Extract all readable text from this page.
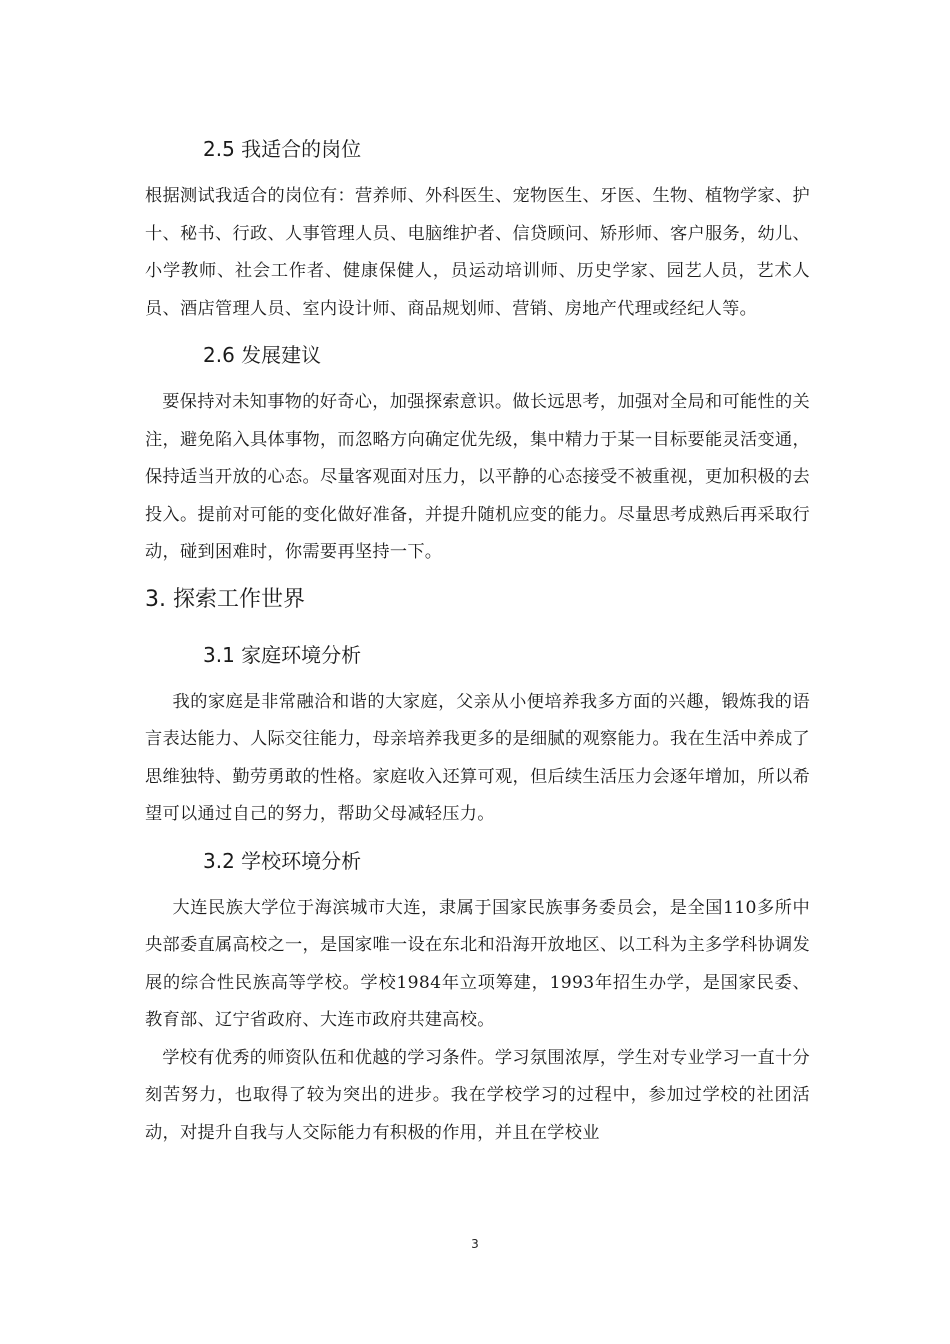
2.5 我适合的岗位

根据测试我适合的岗位有：营养师、外科医生、宠物医生、牙医、生物、植物学家、护十、秘书、行政、人事管理人员、电脑维护者、信贷顾问、矫形师、客户服务，幼儿、小学教师、社会工作者、健康保健人，员运动培训师、历史学家、园艺人员，艺术人员、酒店管理人员、室内设计师、商品规划师、营销、房地产代理或经纪人等。

2.6 发展建议

要保持对未知事物的好奇心，加强探索意识。做长远思考，加强对全局和可能性的关注，避免陷入具体事物，而忽略方向确定优先级，集中精力于某一目标要能灵活变通，保持适当开放的心态。尽量客观面对压力，以平静的心态接受不被重视，更加积极的去投入。提前对可能的变化做好准备，并提升随机应变的能力。尽量思考成熟后再采取行动，碰到困难时，你需要再坚持一下。

3. 探索工作世界
3.1 家庭环境分析

我的家庭是非常融洽和谐的大家庭，父亲从小便培养我多方面的兴趣，锻炼我的语言表达能力、人际交往能力，母亲培养我更多的是细腻的观察能力。我在生活中养成了思维独特、勤劳勇敢的性格。家庭收入还算可观，但后续生活压力会逐年增加，所以希望可以通过自己的努力，帮助父母减轻压力。

3.2 学校环境分析

大连民族大学位于海滨城市大连，隶属于国家民族事务委员会，是全国110多所中央部委直属高校之一，是国家唯一设在东北和沿海开放地区、以工科为主多学科协调发展的综合性民族高等学校。学校1984年立项筹建，1993年招生办学，是国家民委、教育部、辽宁省政府、大连市政府共建高校。

学校有优秀的师资队伍和优越的学习条件。学习氛围浓厚，学生对专业学习一直十分刻苦努力，也取得了较为突出的进步。我在学校学习的过程中，参加过学校的社团活动，对提升自我与人交际能力有积极的作用，并且在学校业

3
